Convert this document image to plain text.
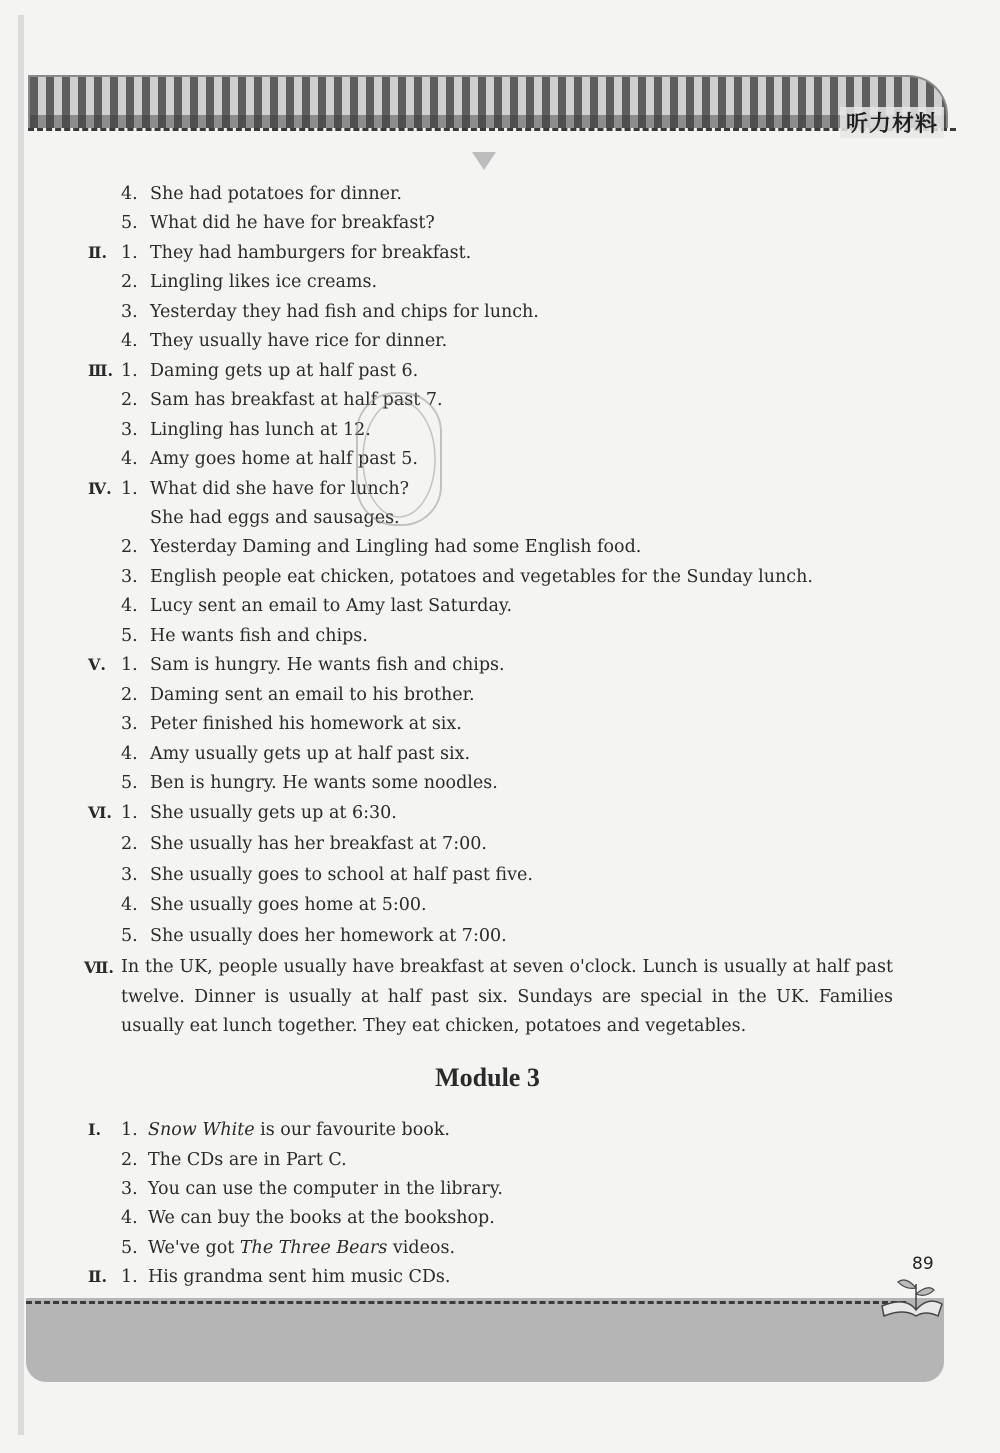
听力材料
4. She had potatoes for dinner.
5. What did he have for breakfast?
Ⅱ. 1. They had hamburgers for breakfast.
2. Lingling likes ice creams.
3. Yesterday they had fish and chips for lunch.
4. They usually have rice for dinner.
Ⅲ. 1. Daming gets up at half past 6.
2. Sam has breakfast at half past 7.
3. Lingling has lunch at 12.
4. Amy goes home at half past 5.
Ⅳ. 1. What did she have for lunch?
She had eggs and sausages.
2. Yesterday Daming and Lingling had some English food.
3. English people eat chicken, potatoes and vegetables for the Sunday lunch.
4. Lucy sent an email to Amy last Saturday.
5. He wants fish and chips.
Ⅴ. 1. Sam is hungry. He wants fish and chips.
2. Daming sent an email to his brother.
3. Peter finished his homework at six.
4. Amy usually gets up at half past six.
5. Ben is hungry. He wants some noodles.
Ⅵ. 1. She usually gets up at 6:30.
2. She usually has her breakfast at 7:00.
3. She usually goes to school at half past five.
4. She usually goes home at 5:00.
5. She usually does her homework at 7:00.
Ⅶ. In the UK, people usually have breakfast at seven o'clock. Lunch is usually at half past twelve. Dinner is usually at half past six. Sundays are special in the UK. Families usually eat lunch together. They eat chicken, potatoes and vegetables.
Module 3
Ⅰ. 1. Snow White is our favourite book.
2. The CDs are in Part C.
3. You can use the computer in the library.
4. We can buy the books at the bookshop.
5. We've got The Three Bears videos.
Ⅱ. 1. His grandma sent him music CDs.
89
